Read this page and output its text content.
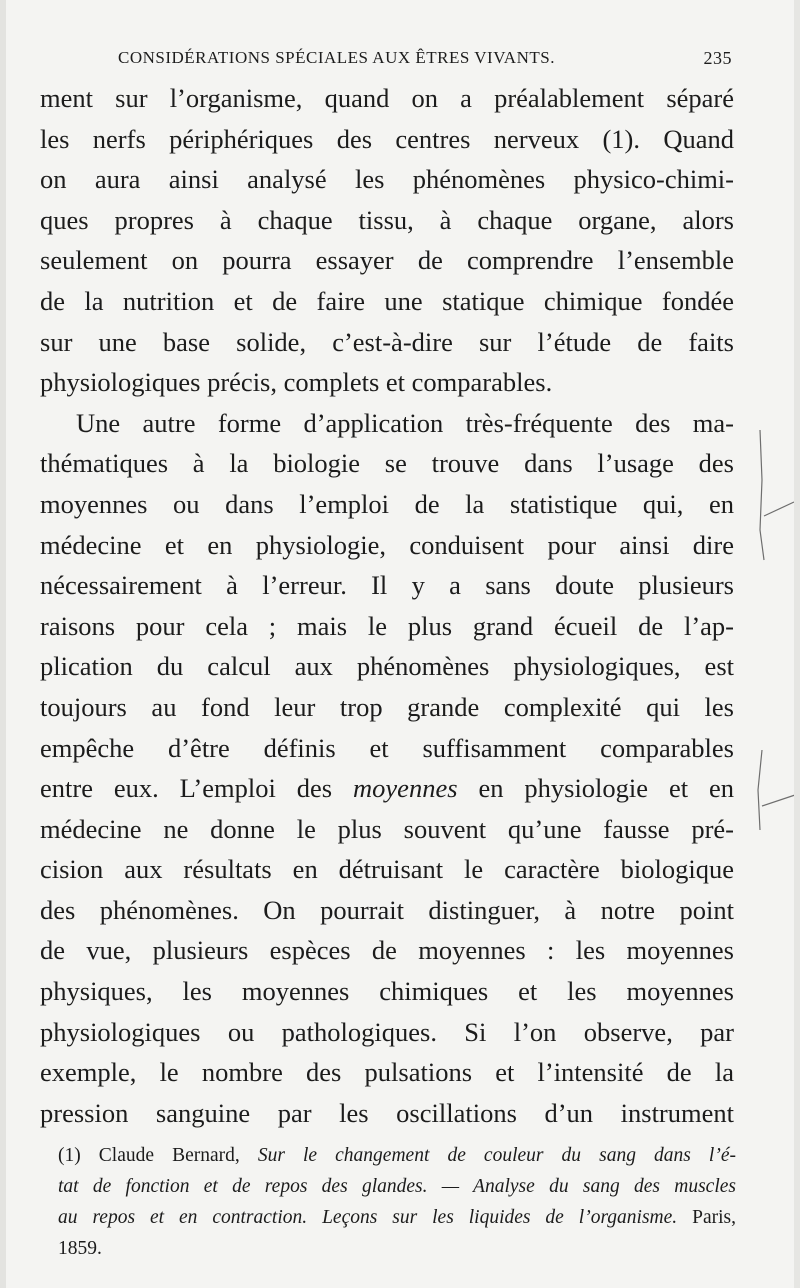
CONSIDÉRATIONS SPÉCIALES AUX ÊTRES VIVANTS.	235
ment sur l’organisme, quand on a préalablement séparé
les nerfs périphériques des centres nerveux (1). Quand
on aura ainsi analysé les phénomènes physico-chimi-
ques propres à chaque tissu, à chaque organe, alors
seulement on pourra essayer de comprendre l’ensemble
de la nutrition et de faire une statique chimique fondée
sur une base solide, c’est-à-dire sur l’étude de faits
physiologiques précis, complets et comparables.
Une autre forme d’application très-fréquente des ma-
thématiques à la biologie se trouve dans l’usage des
moyennes ou dans l’emploi de la statistique qui, en
médecine et en physiologie, conduisent pour ainsi dire
nécessairement à l’erreur. Il y a sans doute plusieurs
raisons pour cela ; mais le plus grand écueil de l’ap-
plication du calcul aux phénomènes physiologiques, est
toujours au fond leur trop grande complexité qui les
empêche d’être définis et suffisamment comparables
entre eux. L’emploi des moyennes en physiologie et en
médecine ne donne le plus souvent qu’une fausse pré-
cision aux résultats en détruisant le caractère biologique
des phénomènes. On pourrait distinguer, à notre point
de vue, plusieurs espèces de moyennes : les moyennes
physiques, les moyennes chimiques et les moyennes
physiologiques ou pathologiques. Si l’on observe, par
exemple, le nombre des pulsations et l’intensité de la
pression sanguine par les oscillations d’un instrument
(1) Claude Bernard, Sur le changement de couleur du sang dans l’é-
tat de fonction et de repos des glandes. — Analyse du sang des muscles
au repos et en contraction. Leçons sur les liquides de l’organisme. Paris,
1859.
